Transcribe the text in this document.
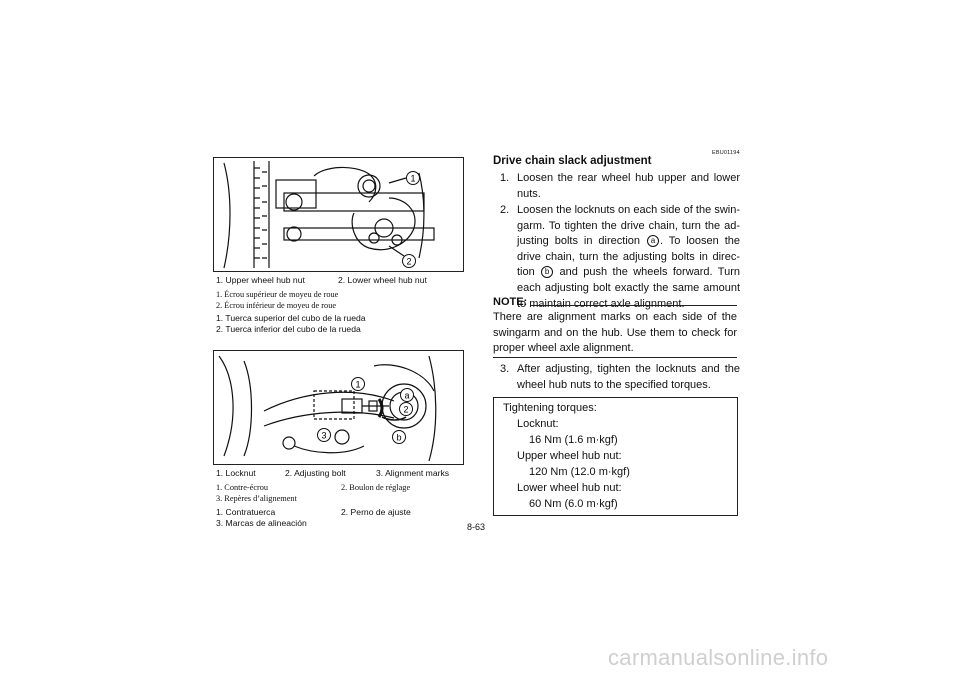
1
2
1. Upper wheel hub nut	2. Lower wheel hub nut
1. Écrou supérieur de moyeu de roue
2. Écrou inférieur de moyeu de roue
1. Tuerca superior del cubo de la rueda
2. Tuerca inferior del cubo de la rueda
1
2
3
a
b
1. Locknut	2. Adjusting bolt	3. Alignment marks
1. Contre-écrou	2. Boulon de réglage
3. Repères d’alignement
1. Contratuerca	2. Perno de ajuste
3. Marcas de alineación
EBU01194
Drive chain slack adjustment
1. Loosen the rear wheel hub upper and lower nuts.
2. Loosen the locknuts on each side of the swin-garm. To tighten the drive chain, turn the ad-justing bolts in direction a . To loosen the drive chain, turn the adjusting bolts in direc-tion b and push the wheels forward. Turn each adjusting bolt exactly the same amount to maintain correct axle alignment.
NOTE:
There are alignment marks on each side of the swingarm and on the hub. Use them to check for proper wheel axle alignment.
3. After adjusting, tighten the locknuts and the wheel hub nuts to the specified torques.
Tightening torques:
Locknut:
16 Nm (1.6 m·kgf)
Upper wheel hub nut:
120 Nm (12.0 m·kgf)
Lower wheel hub nut:
60 Nm (6.0 m·kgf)
8-63
carmanualsonline.info
